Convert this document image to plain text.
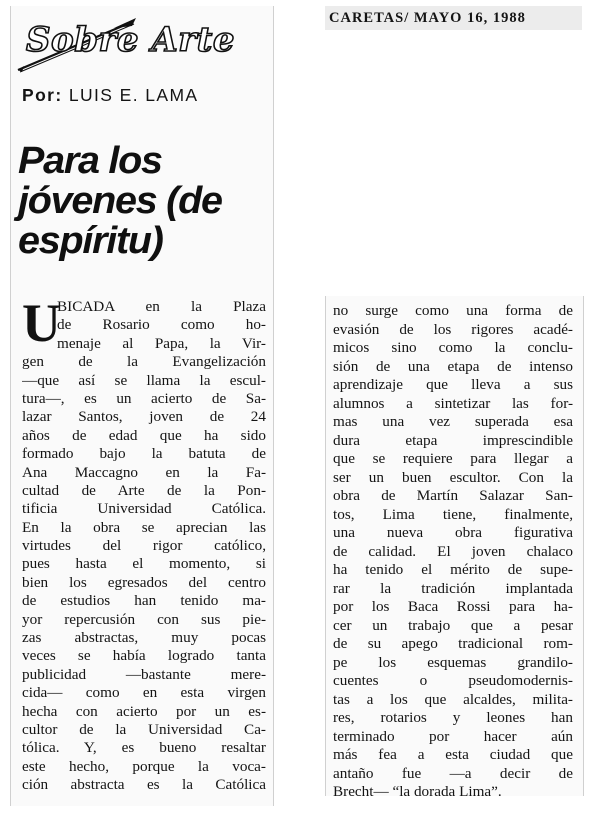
CARETAS/ MAYO 16, 1988
Sobre Arte
Por: LUIS E. LAMA
Para los
jóvenes (de
espíritu)
U
BICADA en la Plaza
de Rosario como ho-
menaje al Papa, la Vir-
gen de la Evangelización
—que así se llama la escul-
tura—, es un acierto de Sa-
lazar Santos, joven de 24
años de edad que ha sido
formado bajo la batuta de
Ana Maccagno en la Fa-
cultad de Arte de la Pon-
tificia Universidad Católica.
En la obra se aprecian las
virtudes del rigor católico,
pues hasta el momento, si
bien los egresados del centro
de estudios han tenido ma-
yor repercusión con sus pie-
zas abstractas, muy pocas
veces se había logrado tanta
publicidad —bastante mere-
cida— como en esta virgen
hecha con acierto por un es-
cultor de la Universidad Ca-
tólica. Y, es bueno resaltar
este hecho, porque la voca-
ción abstracta es la Católica
no surge como una forma de
evasión de los rigores acadé-
micos sino como la conclu-
sión de una etapa de intenso
aprendizaje que lleva a sus
alumnos a sintetizar las for-
mas una vez superada esa
dura etapa imprescindible
que se requiere para llegar a
ser un buen escultor. Con la
obra de Martín Salazar San-
tos, Lima tiene, finalmente,
una nueva obra figurativa
de calidad. El joven chalaco
ha tenido el mérito de supe-
rar la tradición implantada
por los Baca Rossi para ha-
cer un trabajo que a pesar
de su apego tradicional rom-
pe los esquemas grandilo-
cuentes o pseudomodernis-
tas a los que alcaldes, milita-
res, rotarios y leones han
terminado por hacer aún
más fea a esta ciudad que
antaño fue —a decir de
Brecht— “la dorada Lima”.
